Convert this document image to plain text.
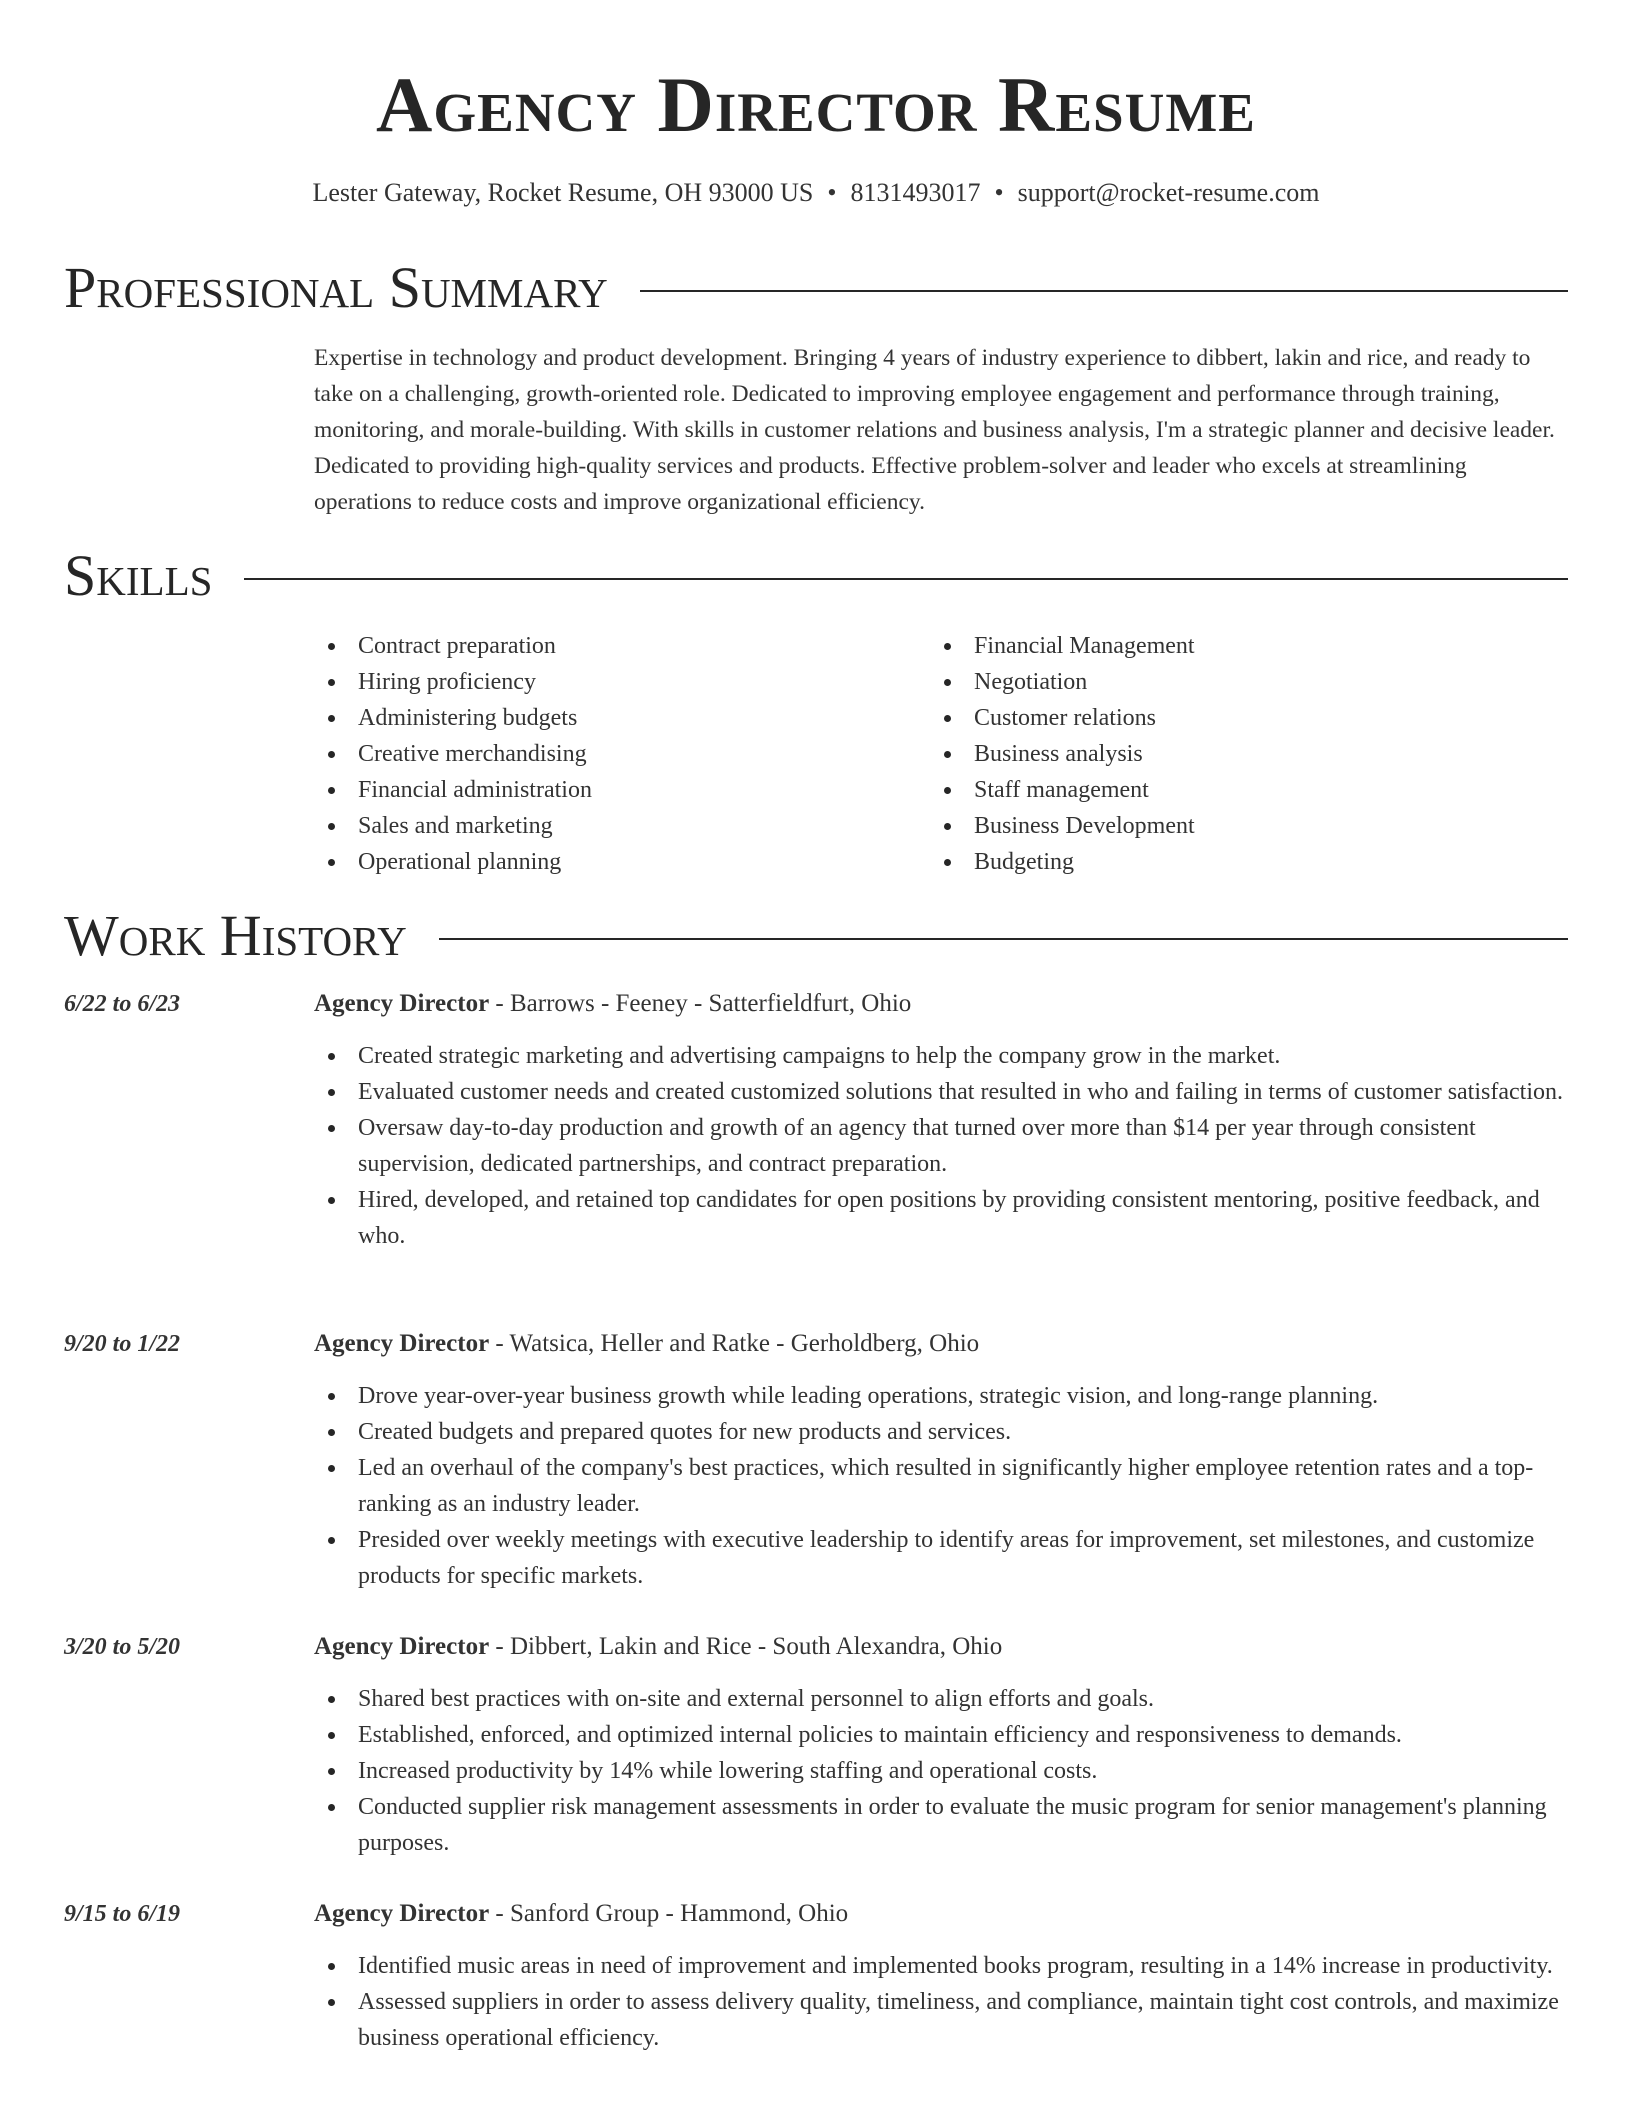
Agency Director Resume
Lester Gateway, Rocket Resume, OH 93000 US • 8131493017 • support@rocket-resume.com
Professional Summary

Expertise in technology and product development. Bringing 4 years of industry experience to dibbert, lakin and rice, and ready to take on a challenging, growth-oriented role. Dedicated to improving employee engagement and performance through training, monitoring, and morale-building. With skills in customer relations and business analysis, I'm a strategic planner and decisive leader. Dedicated to providing high-quality services and products. Effective problem-solver and leader who excels at streamlining operations to reduce costs and improve organizational efficiency.

Skills
Contract preparation
Hiring proficiency
Administering budgets
Creative merchandising
Financial administration
Sales and marketing
Operational planning
Financial Management
Negotiation
Customer relations
Business analysis
Staff management
Business Development
Budgeting
Work History
6/22 to 6/23	Agency Director - Barrows - Feeney - Satterfieldfurt, Ohio
Created strategic marketing and advertising campaigns to help the company grow in the market.
Evaluated customer needs and created customized solutions that resulted in who and failing in terms of customer satisfaction.
Oversaw day-to-day production and growth of an agency that turned over more than $14 per year through consistent supervision, dedicated partnerships, and contract preparation.
Hired, developed, and retained top candidates for open positions by providing consistent mentoring, positive feedback, and who.
9/20 to 1/22	Agency Director - Watsica, Heller and Ratke - Gerholdberg, Ohio
Drove year-over-year business growth while leading operations, strategic vision, and long-range planning.
Created budgets and prepared quotes for new products and services.
Led an overhaul of the company's best practices, which resulted in significantly higher employee retention rates and a top-ranking as an industry leader.
Presided over weekly meetings with executive leadership to identify areas for improvement, set milestones, and customize products for specific markets.
3/20 to 5/20	Agency Director - Dibbert, Lakin and Rice - South Alexandra, Ohio
Shared best practices with on-site and external personnel to align efforts and goals.
Established, enforced, and optimized internal policies to maintain efficiency and responsiveness to demands.
Increased productivity by 14% while lowering staffing and operational costs.
Conducted supplier risk management assessments in order to evaluate the music program for senior management's planning purposes.
9/15 to 6/19	Agency Director - Sanford Group - Hammond, Ohio
Identified music areas in need of improvement and implemented books program, resulting in a 14% increase in productivity.
Assessed suppliers in order to assess delivery quality, timeliness, and compliance, maintain tight cost controls, and maximize business operational efficiency.
